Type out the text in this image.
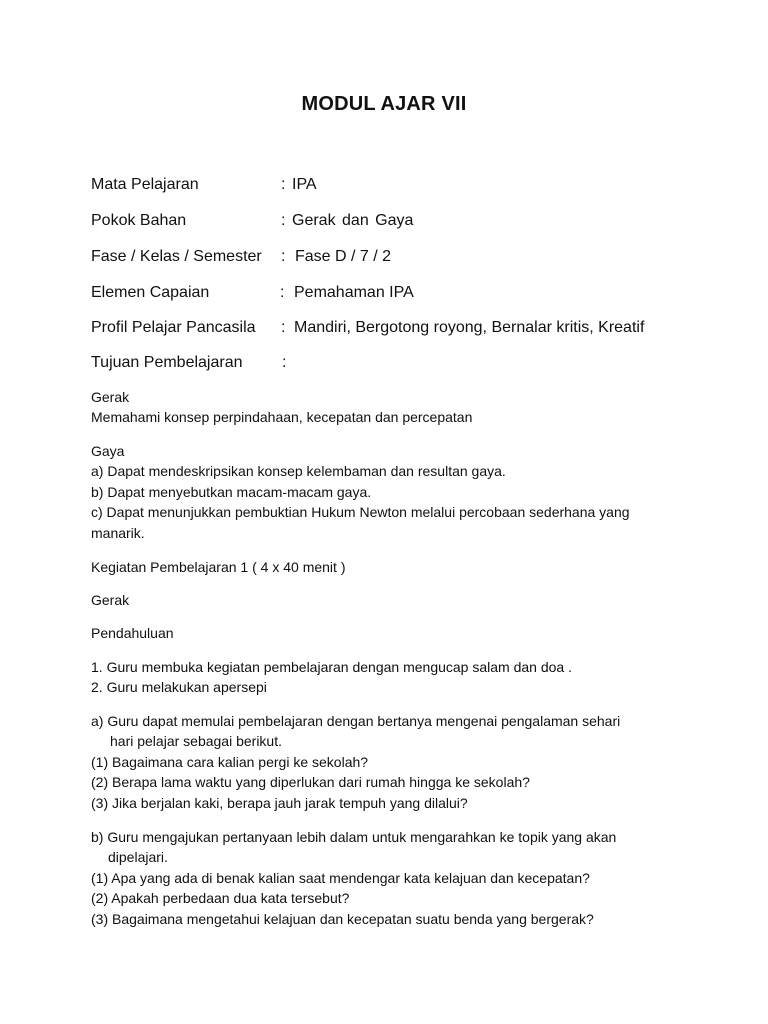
MODUL AJAR VII
Mata Pelajaran	: IPA
Pokok Bahan	: Gerak dan Gaya
Fase / Kelas / Semester : Fase D / 7 / 2
Elemen Capaian	: Pemahaman IPA
Profil Pelajar Pancasila : Mandiri, Bergotong royong, Bernalar kritis, Kreatif
Tujuan Pembelajaran :
Gerak
Memahami konsep perpindahaan, kecepatan dan percepatan
Gaya
a) Dapat mendeskripsikan konsep kelembaman dan resultan gaya.
b) Dapat menyebutkan macam-macam gaya.
c) Dapat menunjukkan pembuktian Hukum Newton melalui percobaan sederhana yang
manarik.
Kegiatan Pembelajaran 1 ( 4 x 40 menit )
Gerak
Pendahuluan
1. Guru membuka kegiatan pembelajaran dengan mengucap salam dan doa .
2. Guru melakukan apersepi
a) Guru dapat memulai pembelajaran dengan bertanya mengenai pengalaman sehari
hari pelajar sebagai berikut.
(1) Bagaimana cara kalian pergi ke sekolah?
(2) Berapa lama waktu yang diperlukan dari rumah hingga ke sekolah?
(3) Jika berjalan kaki, berapa jauh jarak tempuh yang dilalui?
b) Guru mengajukan pertanyaan lebih dalam untuk mengarahkan ke topik yang akan
dipelajari.
(1) Apa yang ada di benak kalian saat mendengar kata kelajuan dan kecepatan?
(2) Apakah perbedaan dua kata tersebut?
(3) Bagaimana mengetahui kelajuan dan kecepatan suatu benda yang bergerak?
